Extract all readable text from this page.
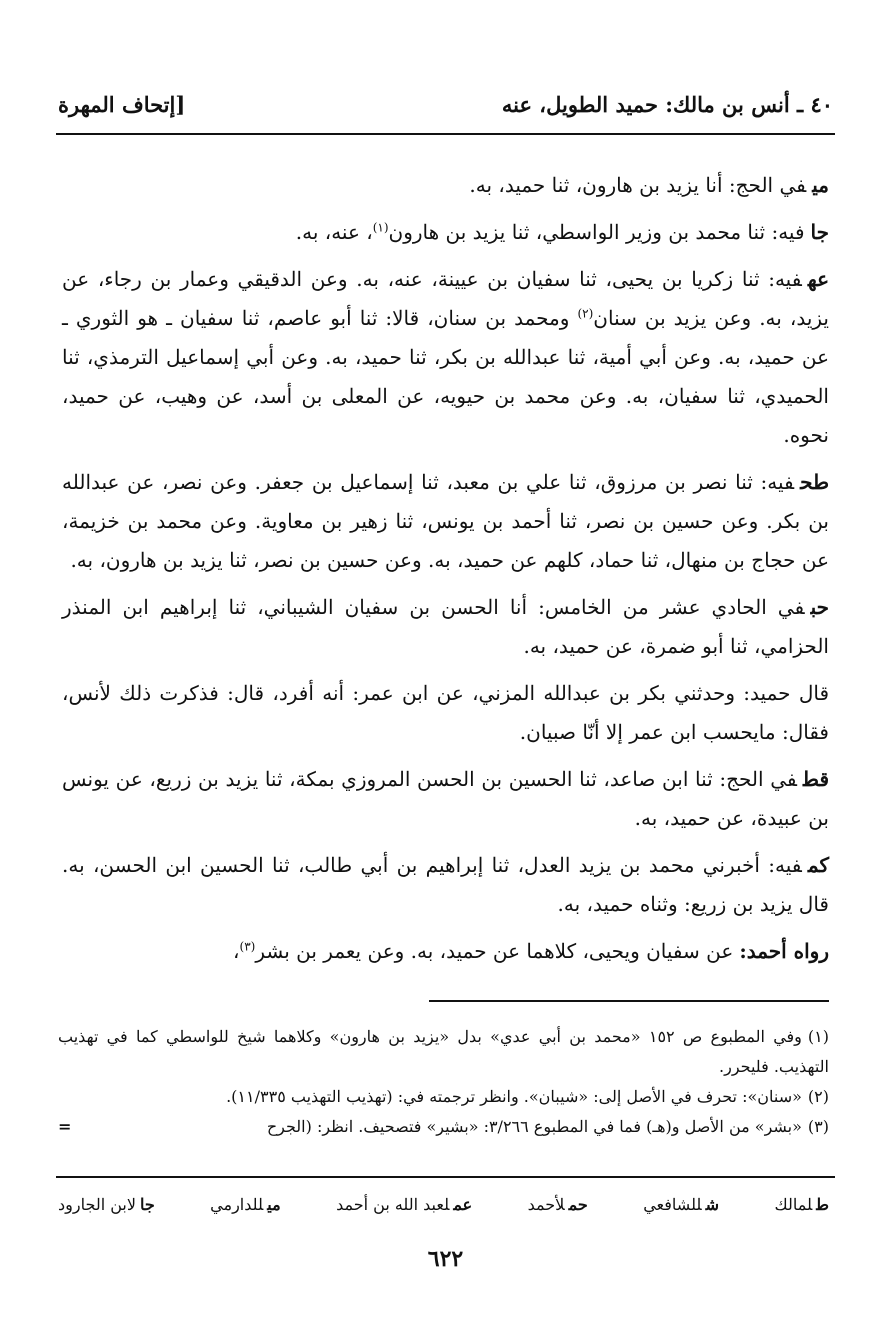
٤٠ ـ أنس بن مالك: حميد الطويل، عنه
[إتحاف المهرة

ميفي الحج: أنا يزيد بن هارون، ثنا حميد، به.

جافيه: ثنا محمد بن وزير الواسطي، ثنا يزيد بن هارون$^{(١)}$، عنه، به.

عهفيه: ثنا زكريا بن يحيى، ثنا سفيان بن عيينة، عنه، به. وعن الدقيقي وعمار بن رجاء، عن يزيد، به. وعن يزيد بن سنان$^{(٢)}$ ومحمد بن سنان، قالا: ثنا أبو عاصم، ثنا سفيان ـ هو الثوري ـ عن حميد، به. وعن أبي أمية، ثنا عبدالله بن بكر، ثنا حميد، به. وعن أبي إسماعيل الترمذي، ثنا الحميدي، ثنا سفيان، به. وعن محمد بن حيويه، عن المعلى بن أسد، عن وهيب، عن حميد، نحوه.

طحفيه: ثنا نصر بن مرزوق، ثنا علي بن معبد، ثنا إسماعيل بن جعفر. وعن نصر، عن عبدالله بن بكر. وعن حسين بن نصر، ثنا أحمد بن يونس، ثنا زهير بن معاوية. وعن محمد بن خزيمة، عن حجاج بن منهال، ثنا حماد، كلهم عن حميد، به. وعن حسين بن نصر، ثنا يزيد بن هارون، به.

حبفي الحادي عشر من الخامس: أنا الحسن بن سفيان الشيباني، ثنا إبراهيم ابن المنذر الحزامي، ثنا أبو ضمرة، عن حميد، به.

قال حميد: وحدثني بكر بن عبدالله المزني، عن ابن عمر: أنه أفرد، قال: فذكرت ذلك لأنس، فقال: مايحسب ابن عمر إلا أنّا صبيان.

قطفي الحج: ثنا ابن صاعد، ثنا الحسين بن الحسن المروزي بمكة، ثنا يزيد بن زريع، عن يونس بن عبيدة، عن حميد، به.

كمفيه: أخبرني محمد بن يزيد العدل، ثنا إبراهيم بن أبي طالب، ثنا الحسين ابن الحسن، به. قال يزيد بن زريع: وثناه حميد، به.

رواه أحمد:عن سفيان ويحيى، كلاهما عن حميد، به. وعن يعمر بن بشر$^{(٣)}$،

(١)وفي المطبوع ص ١٥٢ «محمد بن أبي عدي» بدل «يزيد بن هارون» وكلاهما شيخ للواسطي كما في تهذيب التهذيب. فليحرر.

(٢)«سنان»: تحرف في الأصل إلى: «شيبان». وانظر ترجمته في: (تهذيب التهذيب ١١/٣٣٥).

=	(٣)«بشر» من الأصل و(هـ) فما في المطبوع ٣/٢٦٦: «بشير» فتصحيف. انظر: (الجرح

طلمالك
شللشافعي
حملأحمد
عملعبد الله بن أحمد
ميللدارمي
جالابن الجارود
٦٢٢
